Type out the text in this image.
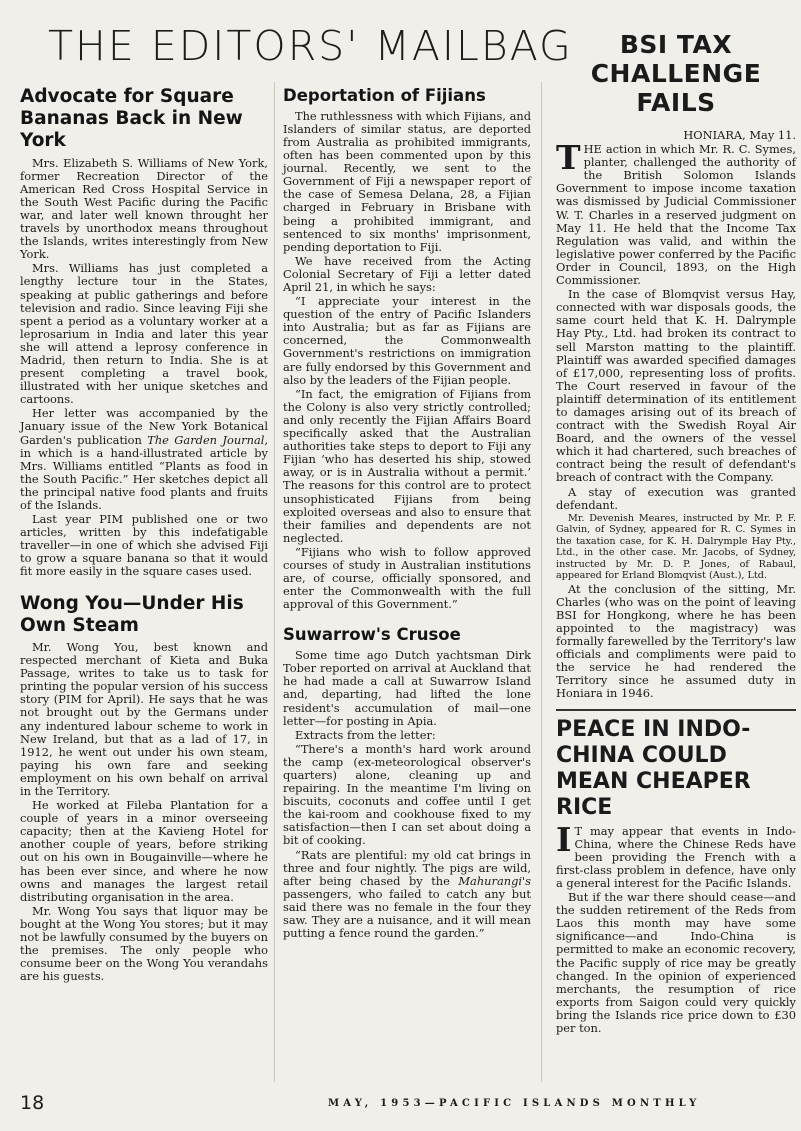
THE EDITORS' MAILBAG
Advocate for Square Bananas Back in New York

Mrs. Elizabeth S. Williams of New York, former Recreation Director of the American Red Cross Hospital Service in the South West Pacific during the Pacific war, and later well known throught her travels by unorthodox means throughout the Islands, writes interestingly from New York.

Mrs. Williams has just completed a lengthy lecture tour in the States, speaking at public gatherings and before television and radio. Since leaving Fiji she spent a period as a voluntary worker at a leprosarium in India and later this year she will attend a leprosy conference in Madrid, then return to India. She is at present completing a travel book, illustrated with her unique sketches and cartoons.

Her letter was accompanied by the January issue of the New York Botanical Garden's publication The Garden Journal, in which is a hand-illustrated article by Mrs. Williams entitled “Plants as food in the South Pacific.” Her sketches depict all the principal native food plants and fruits of the Islands.

Last year PIM published one or two articles, written by this indefatigable traveller—in one of which she advised Fiji to grow a square banana so that it would fit more easily in the square cases used.

Wong You—Under His Own Steam

Mr. Wong You, best known and respected merchant of Kieta and Buka Passage, writes to take us to task for printing the popular version of his success story (PIM for April). He says that he was not brought out by the Germans under any indentured labour scheme to work in New Ireland, but that as a lad of 17, in 1912, he went out under his own steam, paying his own fare and seeking employment on his own behalf on arrival in the Territory.

He worked at Fileba Plantation for a couple of years in a minor overseeing capacity; then at the Kavieng Hotel for another couple of years, before striking out on his own in Bougainville—where he has been ever since, and where he now owns and manages the largest retail distributing organisation in the area.

Mr. Wong You says that liquor may be bought at the Wong You stores; but it may not be lawfully consumed by the buyers on the premises. The only people who consume beer on the Wong You verandahs are his guests.

Deportation of Fijians

The ruthlessness with which Fijians, and Islanders of similar status, are deported from Australia as prohibited immigrants, often has been commented upon by this journal. Recently, we sent to the Government of Fiji a newspaper report of the case of Semesa Delana, 28, a Fijian charged in February in Brisbane with being a prohibited immigrant, and sentenced to six months' imprisonment, pending deportation to Fiji.

We have received from the Acting Colonial Secretary of Fiji a letter dated April 21, in which he says:

“I appreciate your interest in the question of the entry of Pacific Islanders into Australia; but as far as Fijians are concerned, the Commonwealth Government's restrictions on immigration are fully endorsed by this Government and also by the leaders of the Fijian people.

“In fact, the emigration of Fijians from the Colony is also very strictly controlled; and only recently the Fijian Affairs Board specifically asked that the Australian authorities take steps to deport to Fiji any Fijian ‘who has deserted his ship, stowed away, or is in Australia without a permit.’ The reasons for this control are to protect unsophisticated Fijians from being exploited overseas and also to ensure that their families and dependents are not neglected.

“Fijians who wish to follow approved courses of study in Australian institutions are, of course, officially sponsored, and enter the Commonwealth with the full approval of this Government.”

Suwarrow's Crusoe

Some time ago Dutch yachtsman Dirk Tober reported on arrival at Auckland that he had made a call at Suwarrow Island and, departing, had lifted the lone resident's accumulation of mail—one letter—for posting in Apia.

Extracts from the letter:

“There's a month's hard work around the camp (ex-meteorological observer's quarters) alone, cleaning up and repairing. In the meantime I'm living on biscuits, coconuts and coffee until I get the kai-room and cookhouse fixed to my satisfaction—then I can set about doing a bit of cooking.

“Rats are plentiful: my old cat brings in three and four nightly. The pigs are wild, after being chased by the Mahurangi's passengers, who failed to catch any but said there was no female in the four they saw. They are a nuisance, and it will mean putting a fence round the garden.”

BSI TAX CHALLENGE FAILS

HONIARA, May 11.

THE action in which Mr. R. C. Symes, planter, challenged the authority of the British Solomon Islands Government to impose income taxation was dismissed by Judicial Commissioner W. T. Charles in a reserved judgment on May 11. He held that the Income Tax Regulation was valid, and within the legislative power conferred by the Pacific Order in Council, 1893, on the High Commissioner.

In the case of Blomqvist versus Hay, connected with war disposals goods, the same court held that K. H. Dalrymple Hay Pty., Ltd. had broken its contract to sell Marston matting to the plaintiff. Plaintiff was awarded specified damages of £17,000, representing loss of profits. The Court reserved in favour of the plaintiff determination of its entitlement to damages arising out of its breach of contract with the Swedish Royal Air Board, and the owners of the vessel which it had chartered, such breaches of contract being the result of defendant's breach of contract with the Company.

A stay of execution was granted defendant.

Mr. Devenish Meares, instructed by Mr. P. F. Galvin, of Sydney, appeared for R. C. Symes in the taxation case, for K. H. Dalrymple Hay Pty., Ltd., in the other case. Mr. Jacobs, of Sydney, instructed by Mr. D. P. Jones, of Rabaul, appeared for Erland Blomqvist (Aust.), Ltd.

At the conclusion of the sitting, Mr. Charles (who was on the point of leaving BSI for Hongkong, where he has been appointed to the magistracy) was formally farewelled by the Territory's law officials and compliments were paid to the service he had rendered the Territory since he assumed duty in Honiara in 1946.

PEACE IN INDO-CHINA COULD MEAN CHEAPER RICE

I T may appear that events in Indo-China, where the Chinese Reds have been providing the French with a first-class problem in defence, have only a general interest for the Pacific Islands.

But if the war there should cease—and the sudden retirement of the Reds from Laos this month may have some significance—and Indo-China is permitted to make an economic recovery, the Pacific supply of rice may be greatly changed. In the opinion of experienced merchants, the resumption of rice exports from Saigon could very quickly bring the Islands rice price down to £30 per ton.

18	MAY, 1953—PACIFIC ISLANDS MONTHLY
